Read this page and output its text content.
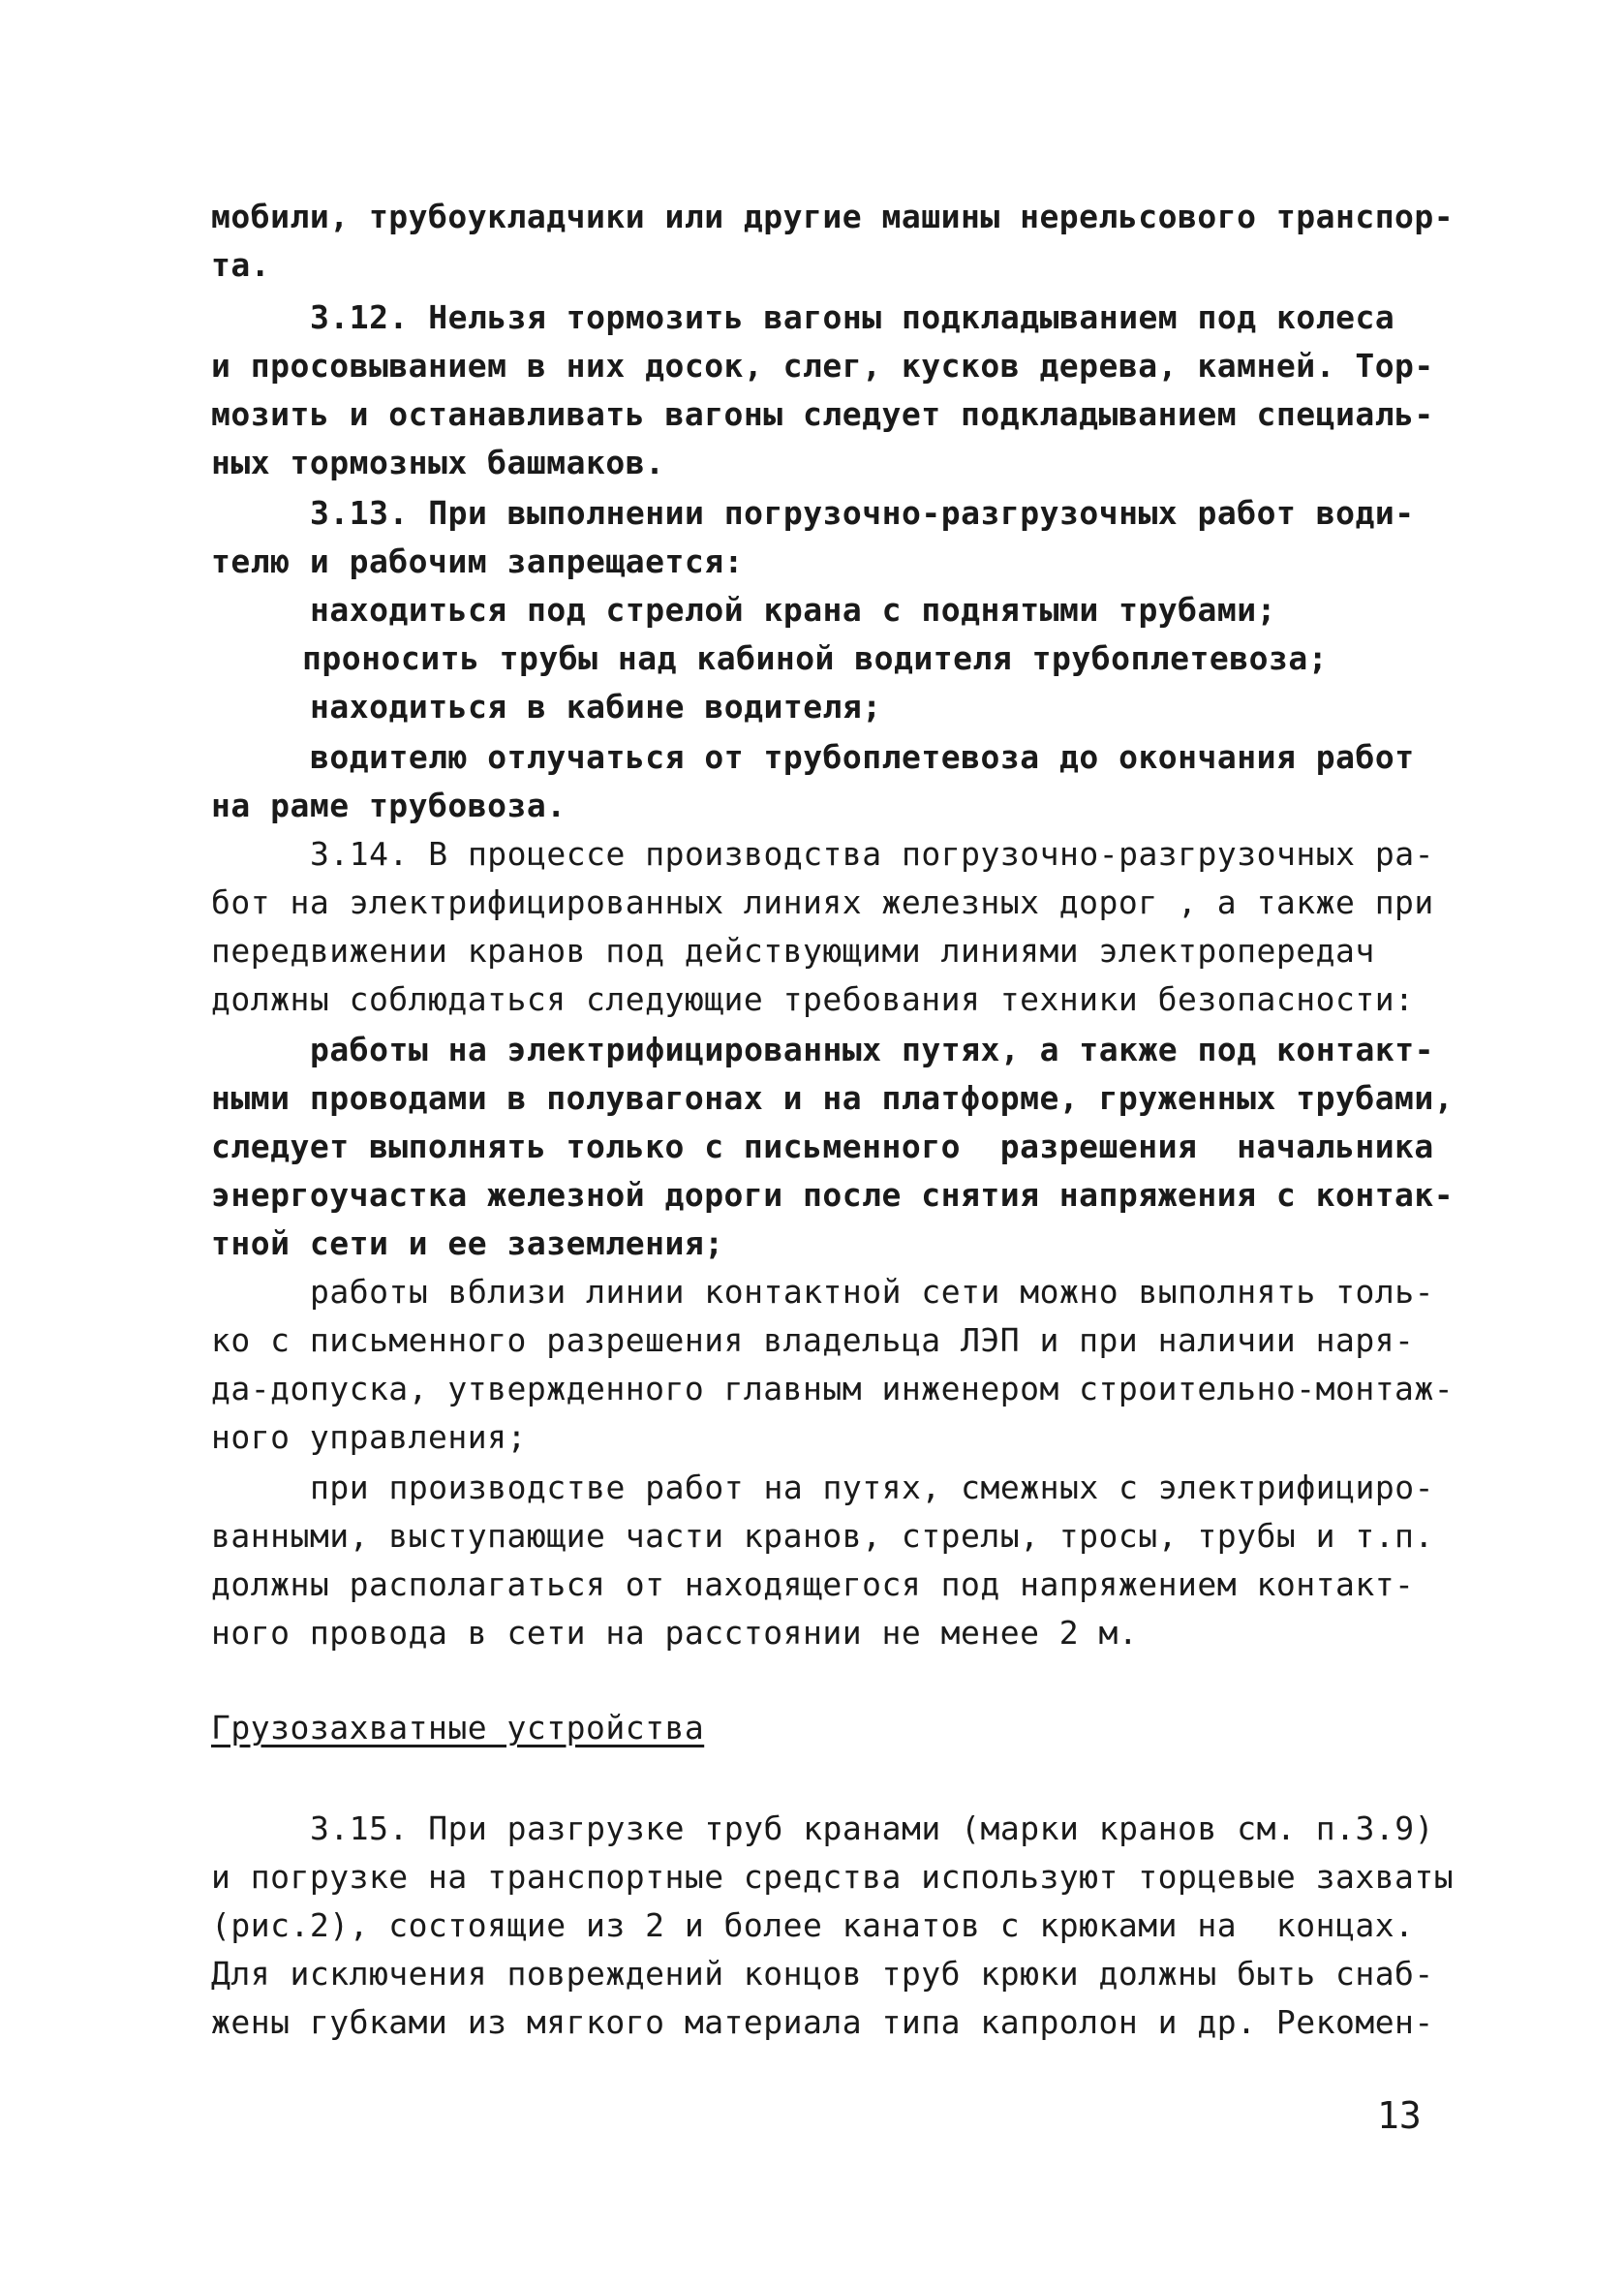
мобили, трубоукладчики или другие машины нерельсового транспор-
та.
3.12. Нельзя тормозить вагоны подкладыванием под колеса
и просовыванием в них досок, слег, кусков дерева, камней. Тор-
мозить и останавливать вагоны следует подкладыванием специаль-
ных тормозных башмаков.
3.13. При выполнении погрузочно-разгрузочных работ води-
телю и рабочим запрещается:
находиться под стрелой крана с поднятыми трубами;
проносить трубы над кабиной водителя трубоплетевоза;
находиться в кабине водителя;
водителю отлучаться от трубоплетевоза до окончания работ
на раме трубовоза.
3.14. В процессе производства погрузочно-разгрузочных ра-
бот на электрифицированных линиях железных дорог , а также при
передвижении кранов под действующими линиями электропередач
должны соблюдаться следующие требования техники безопасности:
работы на электрифицированных путях, а также под контакт-
ными проводами в полувагонах и на платформе, груженных трубами,
следует выполнять только с письменного  разрешения  начальника
энергоучастка железной дороги после снятия напряжения с контак-
тной сети и ее заземления;
работы вблизи линии контактной сети можно выполнять толь-
ко с письменного разрешения владельца ЛЭП и при наличии наря-
да-допуска, утвержденного главным инженером строительно-монтаж-
ного управления;
при производстве работ на путях, смежных с электрифициро-
ванными, выступающие части кранов, стрелы, тросы, трубы и т.п.
должны располагаться от находящегося под напряжением контакт-
ного провода в сети на расстоянии не менее 2 м.
Грузозахватные устройства
3.15. При разгрузке труб кранами (марки кранов см. п.3.9)
и погрузке на транспортные средства используют торцевые захваты
(рис.2), состоящие из 2 и более канатов с крюками на  концах.
Для исключения повреждений концов труб крюки должны быть снаб-
жены губками из мягкого материала типа капролон и др. Рекомен-
13
